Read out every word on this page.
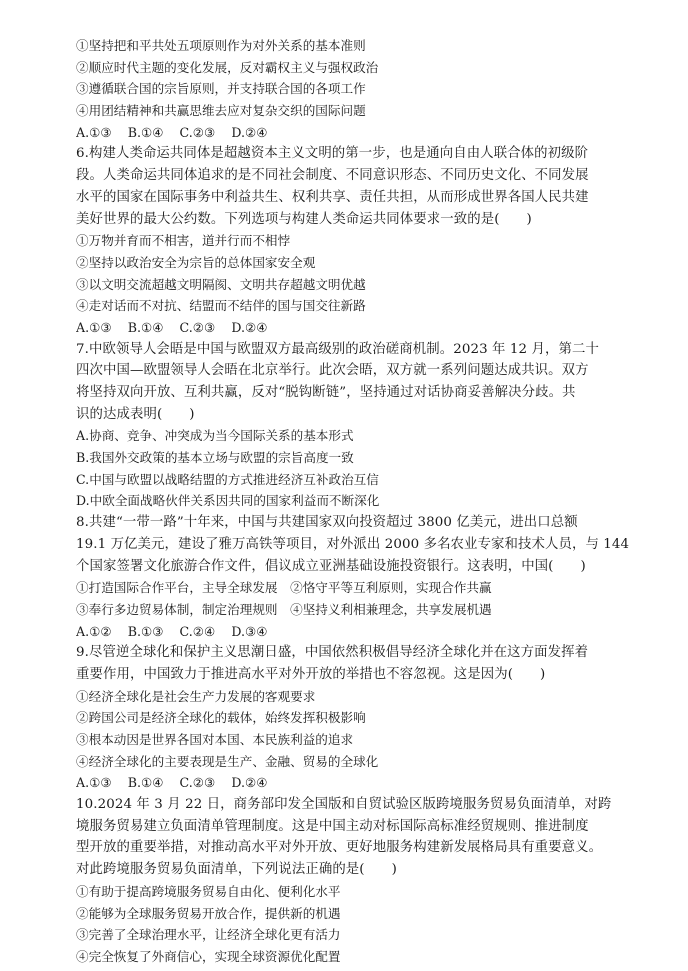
①坚持把和平共处五项原则作为对外关系的基本准则
②顺应时代主题的变化发展，反对霸权主义与强权政治
③遵循联合国的宗旨原则，并支持联合国的各项工作
④用团结精神和共赢思维去应对复杂交织的国际问题
A.①③ B.①④ C.②③ D.②④
6.构建人类命运共同体是超越资本主义文明的第一步，也是通向自由人联合体的初级阶
段。人类命运共同体追求的是不同社会制度、不同意识形态、不同历史文化、不同发展
水平的国家在国际事务中利益共生、权利共享、责任共担，从而形成世界各国人民共建
美好世界的最大公约数。下列选项与构建人类命运共同体要求一致的是(　　)
①万物并育而不相害，道并行而不相悖
②坚持以政治安全为宗旨的总体国家安全观
③以文明交流超越文明隔阂、文明共存超越文明优越
④走对话而不对抗、结盟而不结伴的国与国交往新路
A.①③ B.①④ C.②③ D.②④
7.中欧领导人会晤是中国与欧盟双方最高级别的政治磋商机制。2023 年 12 月，第二十
四次中国—欧盟领导人会晤在北京举行。此次会晤，双方就一系列问题达成共识。双方
将坚持双向开放、互利共赢，反对“脱钩断链”，坚持通过对话协商妥善解决分歧。共
识的达成表明(　　)
A.协商、竞争、冲突成为当今国际关系的基本形式
B.我国外交政策的基本立场与欧盟的宗旨高度一致
C.中国与欧盟以战略结盟的方式推进经济互补政治互信
D.中欧全面战略伙伴关系因共同的国家利益而不断深化
8.共建“一带一路”十年来，中国与共建国家双向投资超过 3800 亿美元，进出口总额
19.1 万亿美元，建设了雅万高铁等项目，对外派出 2000 多名农业专家和技术人员，与 144
个国家签署文化旅游合作文件，倡议成立亚洲基础设施投资银行。这表明，中国(　　)
①打造国际合作平台，主导全球发展　②恪守平等互利原则，实现合作共赢
③奉行多边贸易体制，制定治理规则　④坚持义利相兼理念，共享发展机遇
A.①② B.①③ C.②④ D.③④
9.尽管逆全球化和保护主义思潮日盛，中国依然积极倡导经济全球化并在这方面发挥着
重要作用，中国致力于推进高水平对外开放的举措也不容忽视。这是因为(　　)
①经济全球化是社会生产力发展的客观要求
②跨国公司是经济全球化的载体，始终发挥积极影响
③根本动因是世界各国对本国、本民族利益的追求
④经济全球化的主要表现是生产、金融、贸易的全球化
A.①③ B.①④ C.②③ D.②④
10.2024 年 3 月 22 日，商务部印发全国版和自贸试验区版跨境服务贸易负面清单，对跨
境服务贸易建立负面清单管理制度。这是中国主动对标国际高标准经贸规则、推进制度
型开放的重要举措，对推动高水平对外开放、更好地服务构建新发展格局具有重要意义。
对此跨境服务贸易负面清单，下列说法正确的是(　　)
①有助于提高跨境服务贸易自由化、便利化水平
②能够为全球服务贸易开放合作，提供新的机遇
③完善了全球治理水平，让经济全球化更有活力
④完全恢复了外商信心，实现全球资源优化配置
